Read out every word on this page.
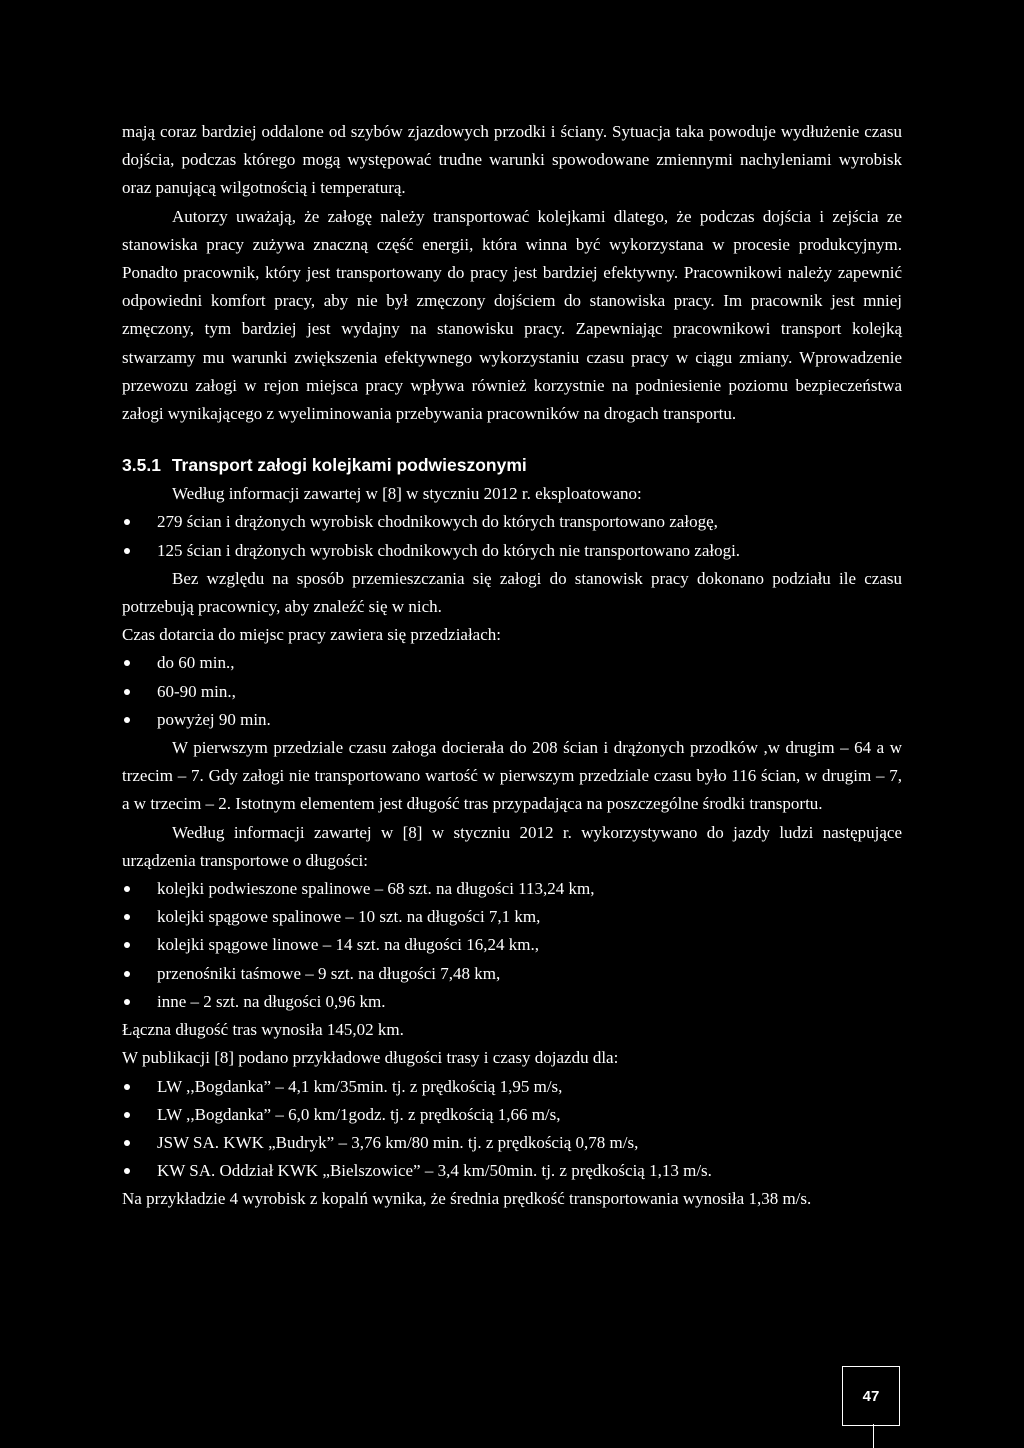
mają coraz bardziej oddalone od szybów zjazdowych przodki i ściany. Sytuacja taka powoduje wydłużenie czasu dojścia, podczas którego mogą występować trudne warunki spowodowane zmiennymi nachyleniami wyrobisk oraz panującą wilgotnością i temperaturą.

Autorzy uważają, że załogę należy transportować kolejkami dlatego, że podczas dojścia i zejścia ze stanowiska pracy zużywa znaczną część energii, która winna być wykorzystana w procesie produkcyjnym. Ponadto pracownik, który jest transportowany do pracy jest bardziej efektywny. Pracownikowi należy zapewnić odpowiedni komfort pracy, aby nie był zmęczony dojściem do stanowiska pracy. Im pracownik jest mniej zmęczony, tym bardziej jest wydajny na stanowisku pracy. Zapewniając pracownikowi transport kolejką stwarzamy mu warunki zwiększenia efektywnego wykorzystaniu czasu pracy w ciągu zmiany. Wprowadzenie przewozu załogi w rejon miejsca pracy wpływa również korzystnie na podniesienie poziomu bezpieczeństwa załogi wynikającego z wyeliminowania przebywania pracowników na drogach transportu.

3.5.1 Transport załogi kolejkami podwieszonymi

Według informacji zawartej w [8] w styczniu 2012 r. eksploatowano:

279 ścian i drążonych wyrobisk chodnikowych do których transportowano załogę,
125 ścian i drążonych wyrobisk chodnikowych do których nie transportowano załogi.

Bez względu na sposób przemieszczania się załogi do stanowisk pracy dokonano podziału ile czasu potrzebują pracownicy, aby znaleźć się w nich.

Czas dotarcia do miejsc pracy zawiera się przedziałach:

do 60 min.,
60-90 min.,
powyżej 90 min.

W pierwszym przedziale czasu załoga docierała do 208 ścian i drążonych przodków ,w drugim – 64 a w trzecim – 7. Gdy załogi nie transportowano wartość w pierwszym przedziale czasu było 116 ścian, w drugim – 7, a w trzecim – 2. Istotnym elementem jest długość tras przypadająca na poszczególne środki transportu.

Według informacji zawartej w [8] w styczniu 2012 r. wykorzystywano do jazdy ludzi następujące urządzenia transportowe o długości:

kolejki podwieszone spalinowe – 68 szt. na długości 113,24 km,
kolejki spągowe spalinowe – 10 szt. na długości 7,1 km,
kolejki spągowe linowe – 14 szt. na długości 16,24 km.,
przenośniki taśmowe – 9 szt. na długości 7,48 km,
inne – 2 szt. na długości 0,96 km.

Łączna długość tras wynosiła 145,02 km.

W publikacji [8] podano przykładowe długości trasy i czasy dojazdu dla:

LW ,,Bogdanka” – 4,1 km/35min. tj. z prędkością 1,95 m/s,
LW ,,Bogdanka” – 6,0 km/1godz. tj. z prędkością 1,66 m/s,
JSW SA. KWK „Budryk” – 3,76 km/80 min. tj. z prędkością 0,78 m/s,
KW SA. Oddział KWK „Bielszowice” – 3,4 km/50min. tj. z prędkością 1,13 m/s.

Na przykładzie 4 wyrobisk z kopalń wynika, że średnia prędkość transportowania wynosiła 1,38 m/s.

47
